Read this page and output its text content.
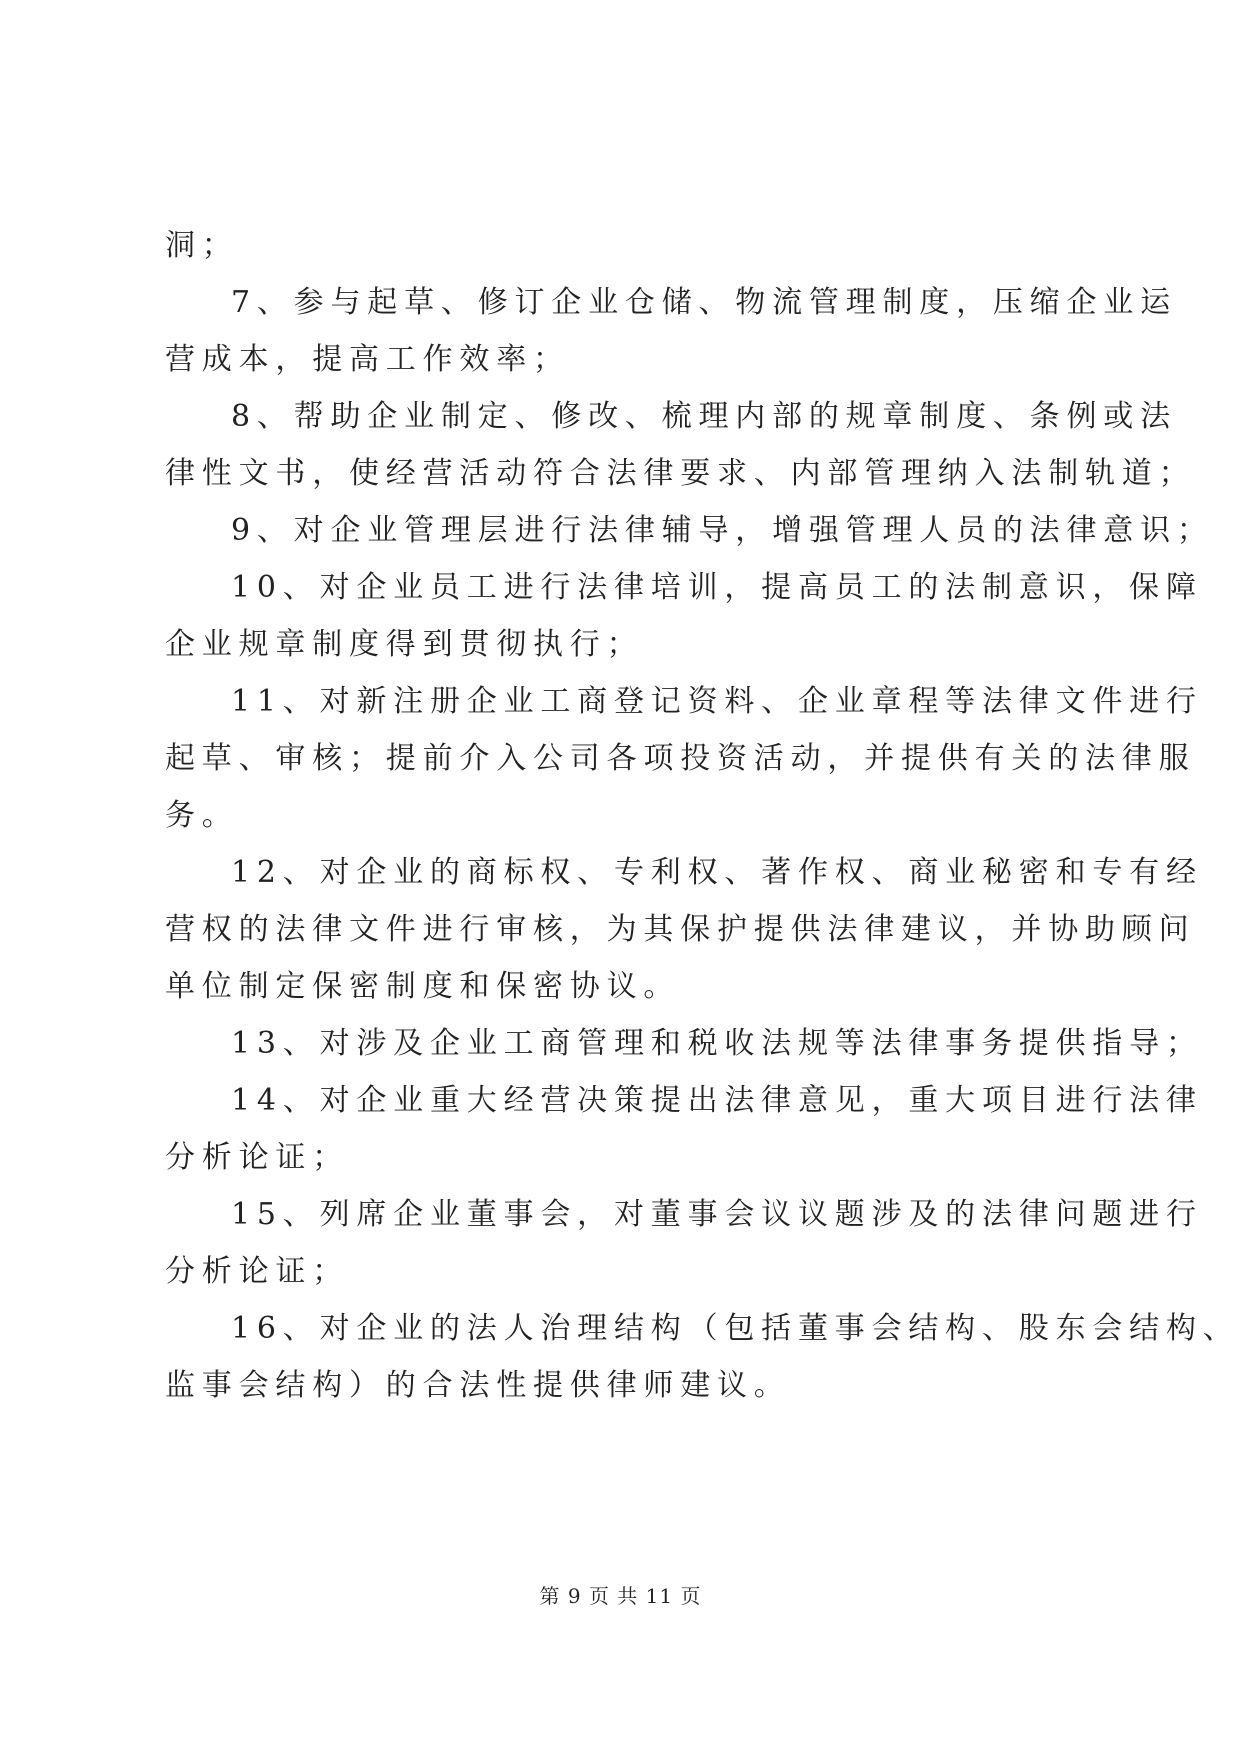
洞；
7、参与起草、修订企业仓储、物流管理制度，压缩企业运
营成本，提高工作效率；
8、帮助企业制定、修改、梳理内部的规章制度、条例或法
律性文书，使经营活动符合法律要求、内部管理纳入法制轨道；
9、对企业管理层进行法律辅导，增强管理人员的法律意识；
10、对企业员工进行法律培训，提高员工的法制意识，保障
企业规章制度得到贯彻执行；
11、对新注册企业工商登记资料、企业章程等法律文件进行
起草、审核；提前介入公司各项投资活动，并提供有关的法律服
务。
12、对企业的商标权、专利权、著作权、商业秘密和专有经
营权的法律文件进行审核，为其保护提供法律建议，并协助顾问
单位制定保密制度和保密协议。
13、对涉及企业工商管理和税收法规等法律事务提供指导；
14、对企业重大经营决策提出法律意见，重大项目进行法律
分析论证；
15、列席企业董事会，对董事会议议题涉及的法律问题进行
分析论证；
16、对企业的法人治理结构（包括董事会结构、股东会结构、
监事会结构）的合法性提供律师建议。
第 9 页 共 11 页
